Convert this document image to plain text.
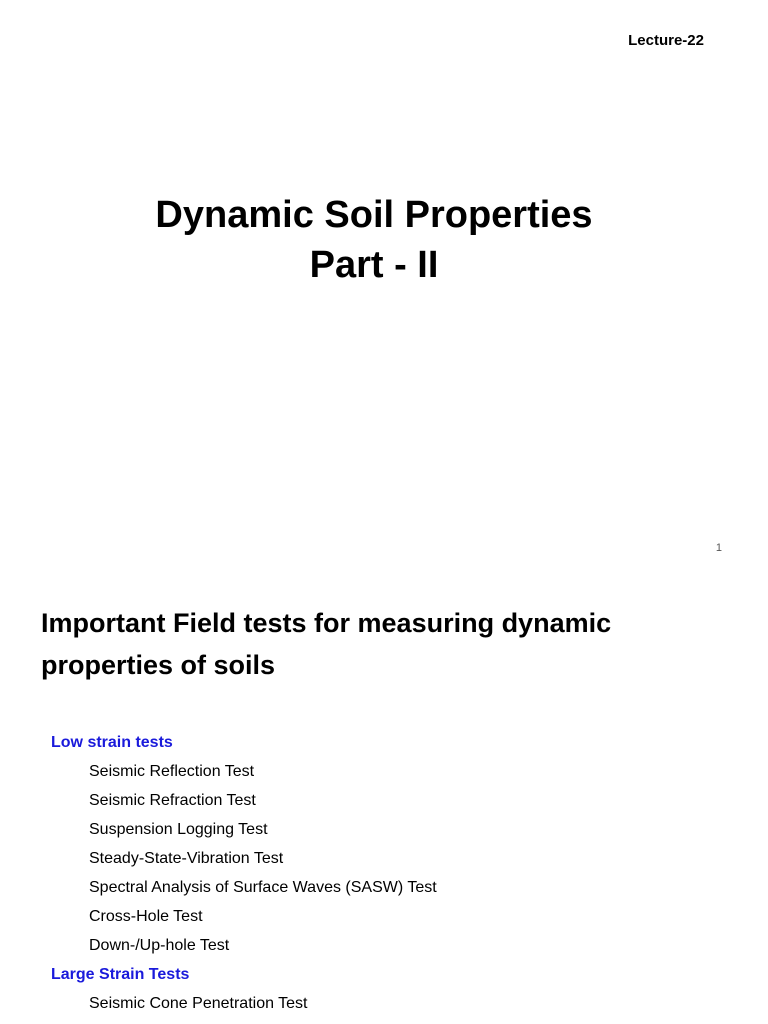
Lecture-22
Dynamic Soil Properties
Part - II
1
Important Field tests for measuring dynamic properties of soils
Low strain tests
Seismic Reflection Test
Seismic Refraction Test
Suspension Logging Test
Steady-State-Vibration Test
Spectral Analysis of Surface Waves (SASW) Test
Cross-Hole Test
Down-/Up-hole Test
Large Strain Tests
Seismic Cone Penetration Test
